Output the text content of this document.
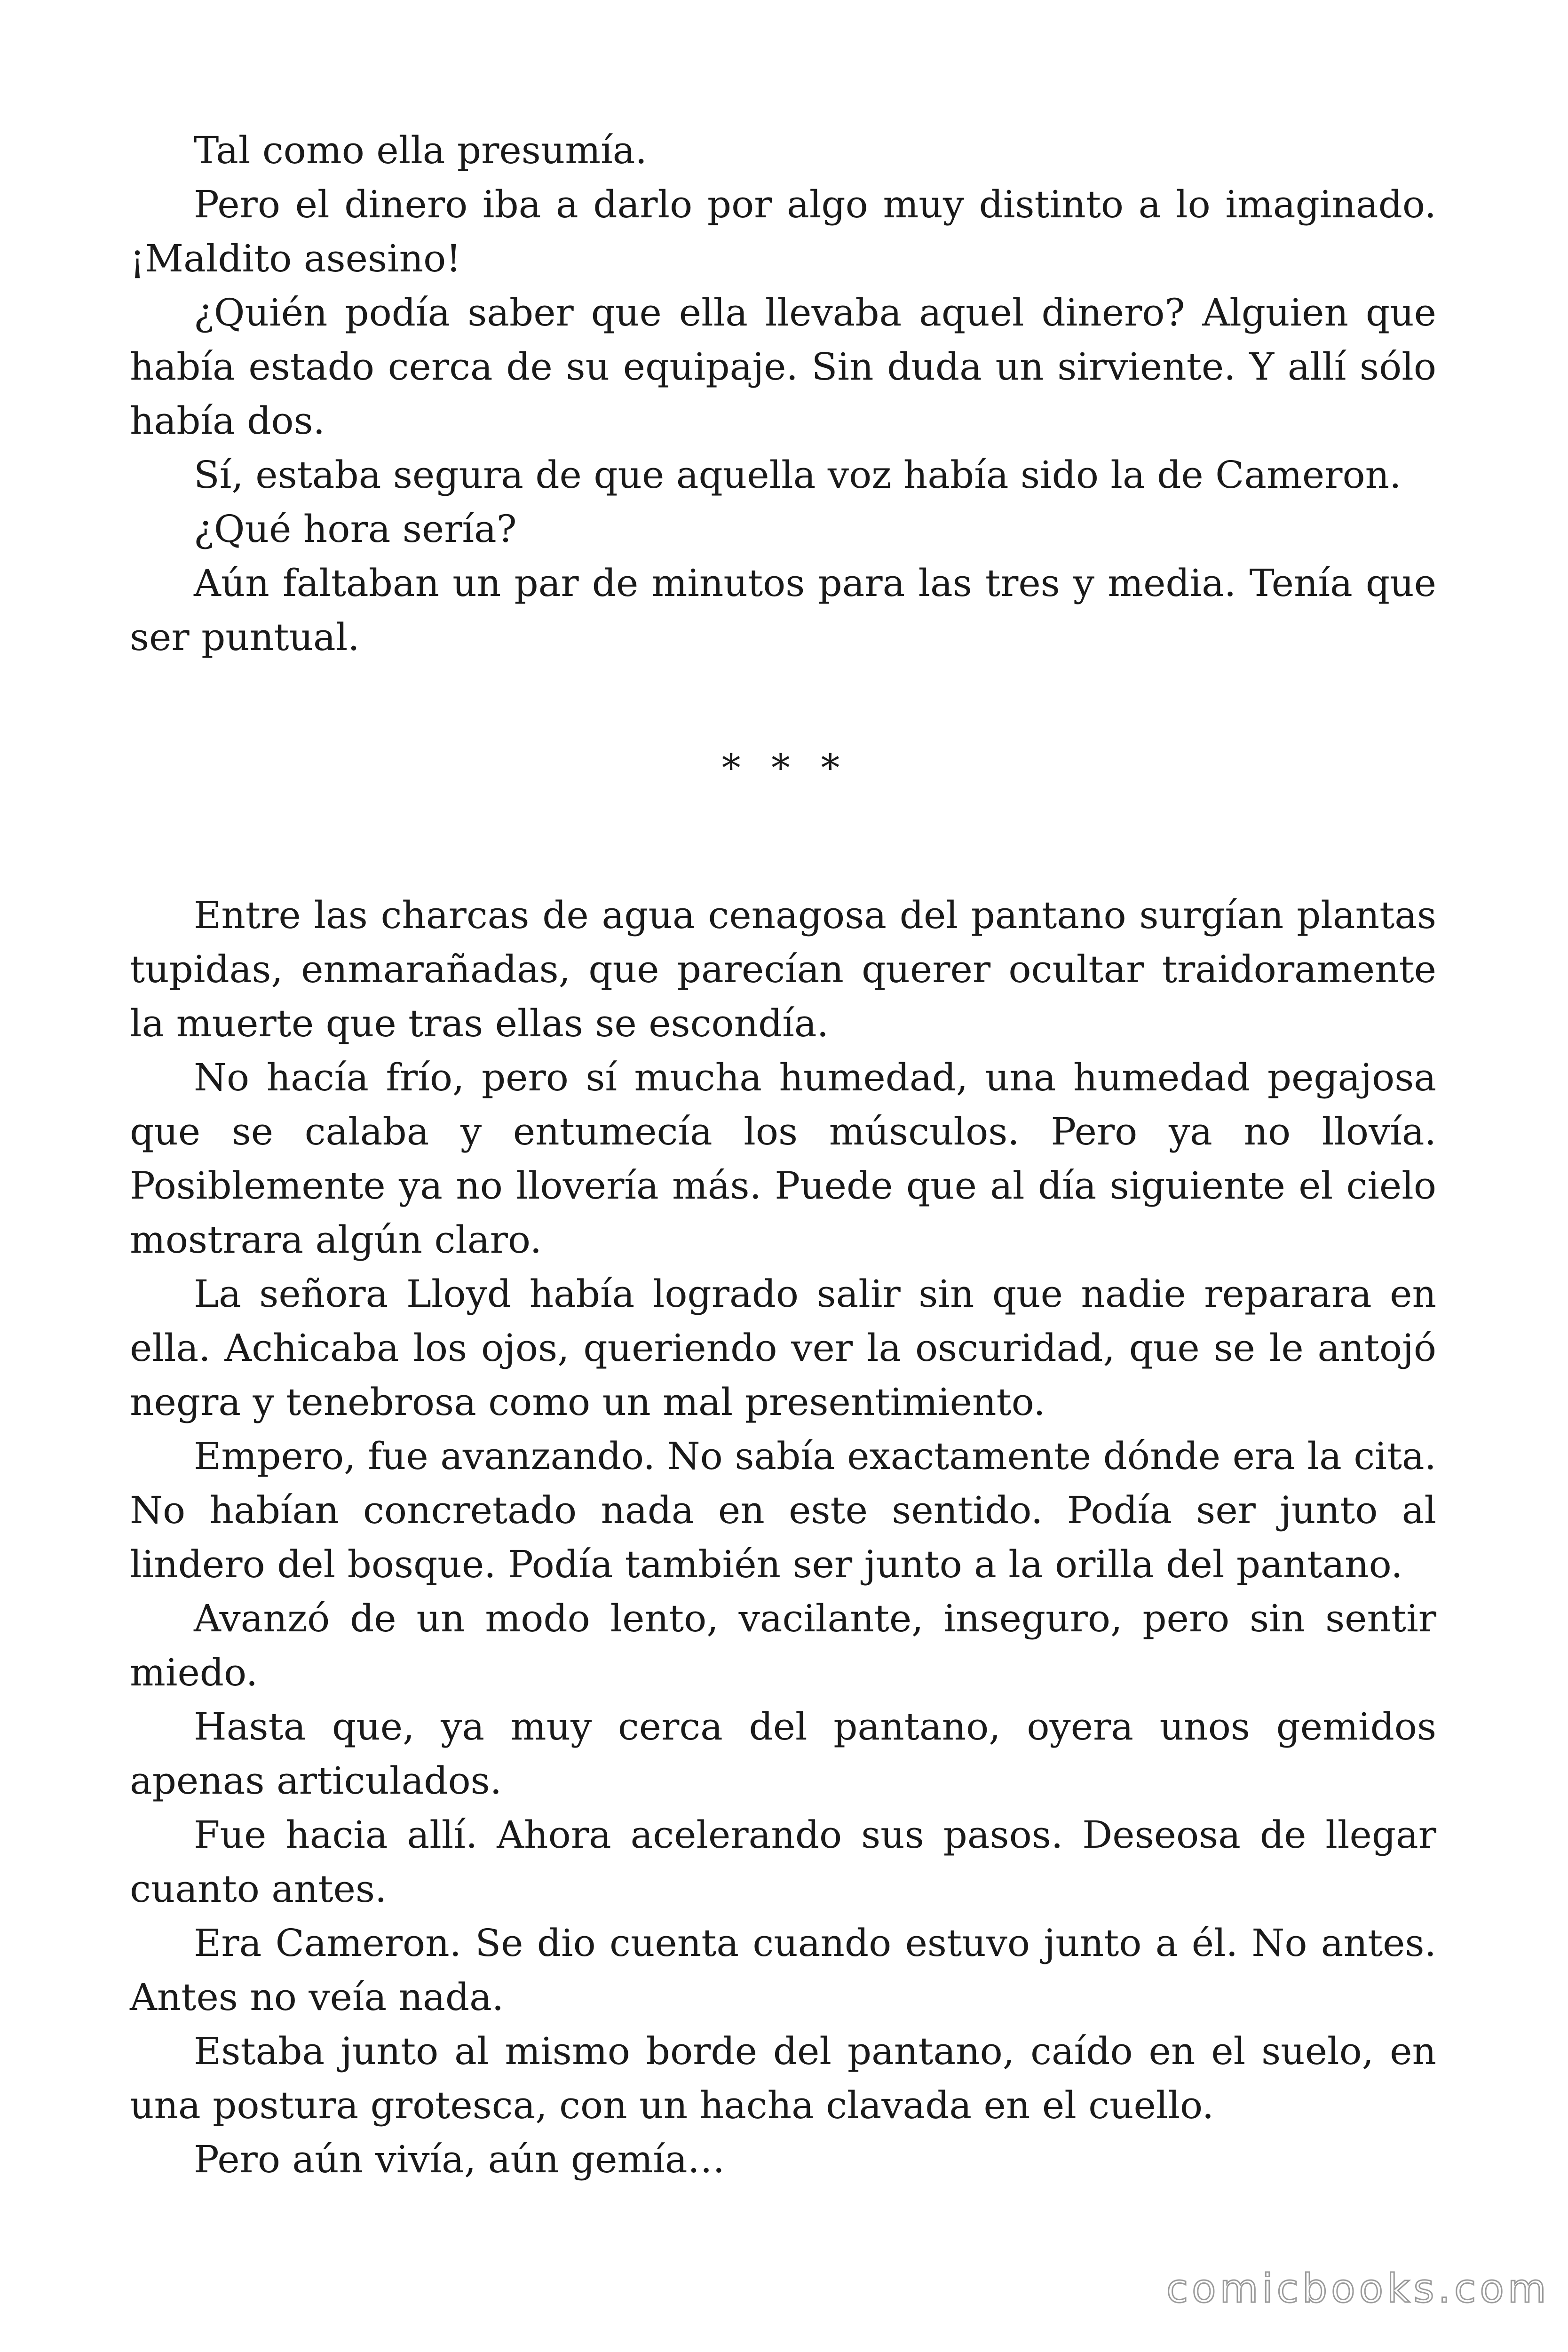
Tal como ella presumía.

Pero el dinero iba a darlo por algo muy distinto a lo imaginado. ¡Maldito asesino!

¿Quién podía saber que ella llevaba aquel dinero? Alguien que había estado cerca de su equipaje. Sin duda un sirviente. Y allí sólo había dos.

Sí, estaba segura de que aquella voz había sido la de Cameron.

¿Qué hora sería?

Aún faltaban un par de minutos para las tres y media. Tenía que ser puntual.

* * *

Entre las charcas de agua cenagosa del pantano surgían plantas tupidas, enmarañadas, que parecían querer ocultar traidoramente la muerte que tras ellas se escondía.

No hacía frío, pero sí mucha humedad, una humedad pegajosa que se calaba y entumecía los músculos. Pero ya no llovía. Posiblemente ya no llovería más. Puede que al día siguiente el cielo mostrara algún claro.

La señora Lloyd había logrado salir sin que nadie reparara en ella. Achicaba los ojos, queriendo ver la oscuridad, que se le antojó negra y tenebrosa como un mal presentimiento.

Empero, fue avanzando. No sabía exactamente dónde era la cita. No habían concretado nada en este sentido. Podía ser junto al lindero del bosque. Podía también ser junto a la orilla del pantano.

Avanzó de un modo lento, vacilante, inseguro, pero sin sentir miedo.

Hasta que, ya muy cerca del pantano, oyera unos gemidos apenas articulados.

Fue hacia allí. Ahora acelerando sus pasos. Deseosa de llegar cuanto antes.

Era Cameron. Se dio cuenta cuando estuvo junto a él. No antes. Antes no veía nada.

Estaba junto al mismo borde del pantano, caído en el suelo, en una postura grotesca, con un hacha clavada en el cuello.

Pero aún vivía, aún gemía…

comicbooks.com
